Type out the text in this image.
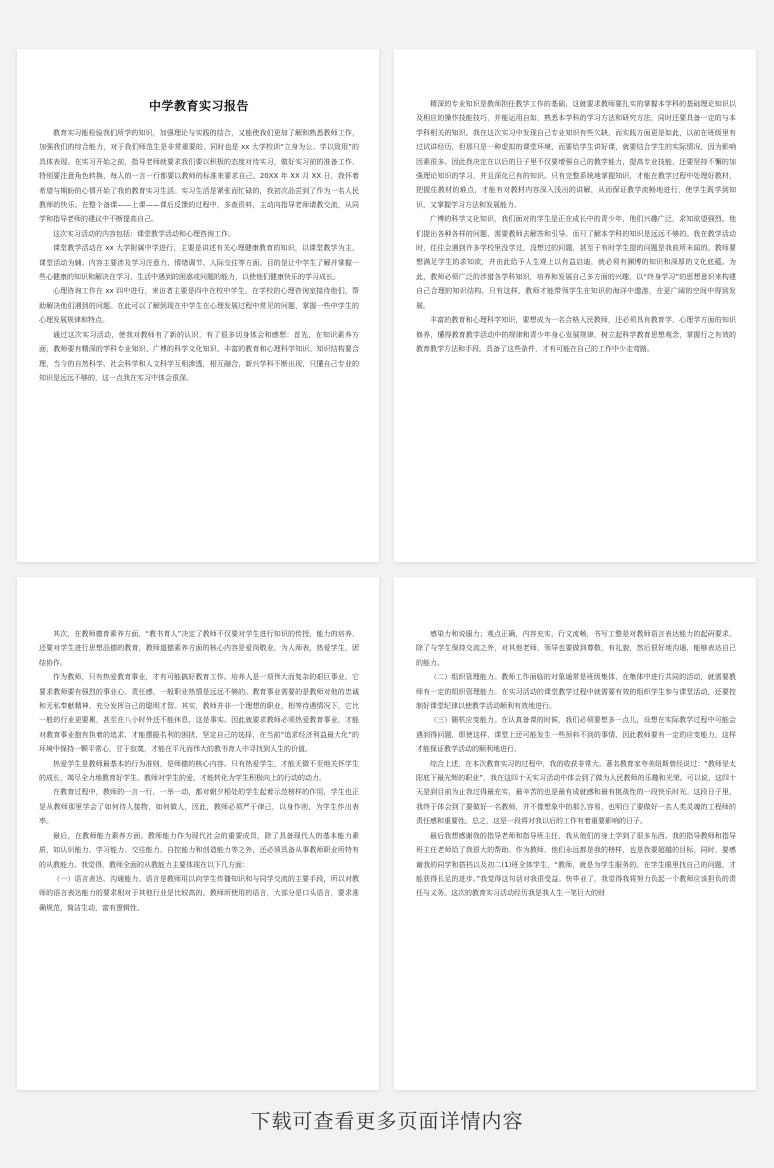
中学教育实习报告

教育实习能检验我们所学的知识，加强理论与实践的结合，又能使我们更加了解和熟悉教师工作，加强我们的综合能力，对于我们师范生是非常重要的，同时也是 xx 大学校训“立身为公、学以致用”的具体表现。在实习开始之前，指导老师就要求我们要以积极的态度对待实习，做好实习前的准备工作，特别要注意角色转换，每人的一言一行都要以教师的标准来要求自己。20XX 年 XX 月 XX 日，我怀着希望与期盼的心情开始了我的教育实习生活。实习生活是紧张而忙碌的，我初次品尝到了作为一名人民教师的快乐。在整个备课——上课——课后反馈的过程中，多查资料，主动向指导老师请教交流，从同学和指导老师的建议中不断提高自己。

这次实习活动的内容包括：课堂教学活动和心理咨询工作。

课堂教学活动在 xx 大学附属中学进行，主要是讲述有关心理健康教育的知识，以课堂教学为主，课堂活动为辅。内容主要涉及学习注意力、情绪调节、人际交往等方面。目的是让中学生了解并掌握一些心健康的知识和解决在学习、生活中遇到的困惑或问题的能力，以使他们健康快乐的学习成长。

心理咨询工作在 xx 四中进行，来访者主要是四中在校中学生，在学校的心理咨询室接待他们，帮助解决他们遇到的问题。在此可以了解到现在中学生在心理发展过程中常见的问题，掌握一些中学生的心理发展规律和特点。

通过这次实习活动，使我对教师有了新的认识，有了很多切身体会和感想：首先，在知识素养方面，教师要有精深的学科专业知识、广博的科学文化知识、丰富的教育和心理科学知识。知识结构要合理，当今的自然科学、社会科学和人文科学互相渗透，相互融合，新兴学科不断出现，只懂自己专业的知识是远远不够的，这一点我在实习中体会很深。

精深的专业知识是教师担任教学工作的基础，这就要求教师要扎实的掌握本学科的基础理论知识以及相应的操作技能技巧，并能运用自如，熟悉本学科的学习方法和研究方法，同时还要具备一定的与本学科相关的知识。我在这次实习中发现自己专业知识有些欠缺，而实践方面更是如此，以前在班级里有过试讲经历，但那只是一种虚拟的课堂环境，而要给学生讲好课，就要结合学生的实际情况，因为影响因素很多。因此我决定在以后的日子里不仅要增强自己的教学能力，提高专业技能，还要坚持不懈的加强理论知识的学习，并且深化已有的知识。只有完整系统地掌握知识，才能在教学过程中处理好教材，把握住教材的难点，才能有对教材内容深入浅出的讲解，从而保证教学流畅地进行，使学生既学到知识，又掌握学习方法和发展能力。

广博的科学文化知识，我们面对的学生是正在成长中的青少年，他们兴趣广泛，求知欲望强烈。他们提出各种各样的问题，需要教师去解答和引导。而只了解本学科的知识是远远不够的。我在教学活动时，往往会遇到许多学校里没学过，没想过的问题，甚至于有时学生提的问题是我前所未闻的。教师要想满足学生的求知欲，并由此给予人生观上以有益启迪，就必须有渊博的知识和深厚的文化底蕴。为此，教师必须广泛的涉猎各学科知识，培养和发展自己多方面的兴趣，以“终身学习”的思想意识来构建自己合理的知识结构。只有这样，教师才能带领学生在知识的海洋中遨游，在更广阔的空间中得到发展。

丰富的教育和心理科学知识，要想成为一名合格人民教师，还必须具有教育学、心理学方面的知识修养，懂得教育教学活动中的规律和青少年身心发展规律，树立起科学教育思想观念，掌握行之有效的教育教学方法和手段。具备了这些条件，才有可能在自己的工作中少走弯路。

其次，在教师德育素养方面，“教书育人”决定了教师不仅要对学生进行知识的传授，能力的培养，还要对学生进行思想品德的教育，教师道德素养方面的核心内容是爱岗敬业，为人师表，热爱学生，团结协作。

作为教师，只有热爱教育事业，才有可能搞好教育工作。培养人是一项伟大而复杂的艰巨事业，它要求教师要有强烈的事业心、责任感，一般职业热情是远远不够的。教育事业需要的是教师对他的忠诚和无私奉献精神，充分发挥自己的聪明才智。其实，教师并非一个理想的职业，相等待遇情况下，它比一般的行业更要累，甚至在八小时外还不能休息，这是事实。因此就要求教师必须热爱教育事业，才能对教育事业抱有执着的追求，才能摆脱名利的困扰，坚定自己的选择，在当前“追求经济利益最大化”的环境中保持一颗平常心，甘于寂寞，才能在平凡而伟大的教书育人中寻找到人生的价值。

热爱学生是教师最基本的行为准则，是师德的核心内容。只有热爱学生，才能无微不至地关怀学生的成长，竭尽全力地教育好学生。教师对学生的爱，才能转化为学生积极向上的行动的动力。

在教育过程中，教师的一言一行，一举一动，都对朝夕相处的学生起着示范榜样的作用，学生也正是从教师那里学会了如何待人接物，如何做人，因此，教师必须严于律己，以身作则，为学生作出表率。

最后，在教师能力素养方面。教师能力作为现代社会的重要成员，除了具备现代人的基本能力素质，如认识能力、学习能力、交往能力、自控能力和创造能力等之外，还必须具备从事教师职业所特有的从教能力。我觉得，教师全面的从教能力主要体现在以下几方面：

（一）语言表达、沟通能力。语言是教师用以向学生传播知识和与同学交流的主要手段，所以对教师的语言表达能力的要求相对于其他行业是比较高的。教师所使用的语言，大部分是口头语言，要求准确规范，简洁生动，富有逻辑性、

感染力和说服力；观点正确，内容充实，行文流畅，书写工整是对教师语言表达能力的起码要求。除了与学生保持交流之外，对其他老师，领导也要做到尊敬，有礼貌，然后很好地沟通，能够表达自己的能力。

（二）组织管理能力。教师工作面临的对象通常是班级集体，在集体中进行共同的活动，就需要教师有一定的组织管理能力。在实习活动的课堂教学过程中就需要有效的组织学生参与课堂活动，还要控制好课堂纪律以使教学活动顺利有效地进行。

（三）随机应变能力。在认真备课的时候，我们必须要想多一点儿，设想在实际教学过程中可能会遇到得问题，即使这样，课堂上还可能发生一些预料不到的事情，因此教师要有一定的应变能力，这样才能保证教学活动的顺利地进行。

综合上述，在本次教育实习的过程中，我的收获非常大。著名教育家夸美纽斯曾经说过：“教师是太阳底下最光辉的职业”，我在这四十天实习活动中体会到了做为人民教师的乐趣和光荣。可以说，这四十天是到目前为止我过得最充实，最辛苦的也是最有成就感和最有挑战性的一段快乐时光。这段日子里，我终于体会到了要做好一名教师，并不像想象中的那么容易，也明白了要做好一名人类灵魂的工程师的责任感和重要性。总之，这是一段将对我以后的工作有着重要影响的日子。

最后我想感谢我的指导老师和指导班主任，我从他们的身上学到了很多东西。我的指导教师和指导班主任老师给了我很大的帮助。作为教师，他们永远都是我的榜样，也是我要超越的目标。同时，要感谢我的同学和搭档以及初二(1)班全体学生，“教师，就是为学生服务的。在学生眼里找自己的问题，才能获得长足的进步。”我觉得这句话对我很受益。快毕业了，我觉得我将努力负起一个教师应该担负的责任与义务。这次的教育实习活动经历我是我人生一笔巨大的财

下载可查看更多页面详情内容
